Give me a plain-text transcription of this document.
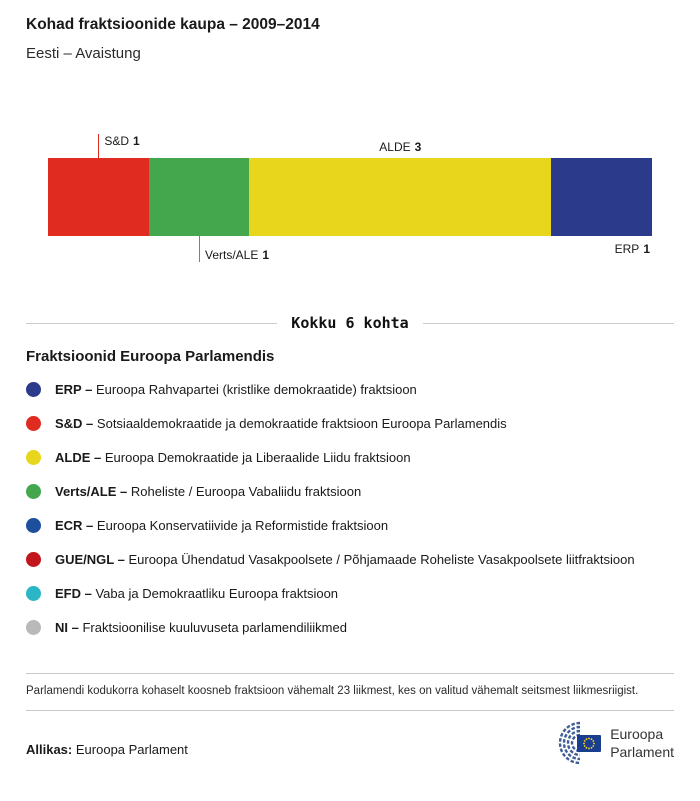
Kohad fraktsioonide kaupa – 2009–2014
Eesti – Avaistung
S&D 1	ALDE 3
Verts/ALE 1	ERP 1
Kokku 6 kohta
Fraktsioonid Euroopa Parlamendis
ERP – Euroopa Rahvapartei (kristlike demokraatide) fraktsioon
S&D – Sotsiaaldemokraatide ja demokraatide fraktsioon Euroopa Parlamendis
ALDE – Euroopa Demokraatide ja Liberaalide Liidu fraktsioon
Verts/ALE – Roheliste / Euroopa Vabaliidu fraktsioon
ECR – Euroopa Konservatiivide ja Reformistide fraktsioon
GUE/NGL – Euroopa Ühendatud Vasakpoolsete / Põhjamaade Roheliste Vasakpoolsete liitfraktsioon
EFD – Vaba ja Demokraatliku Euroopa fraktsioon
NI – Fraktsioonilise kuuluvuseta parlamendiliikmed
Parlamendi kodukorra kohaselt koosneb fraktsioon vähemalt 23 liikmest, kes on valitud vähemalt seitsmest liikmesriigist.
Allikas: Euroopa Parlament
Euroopa
Parlament
